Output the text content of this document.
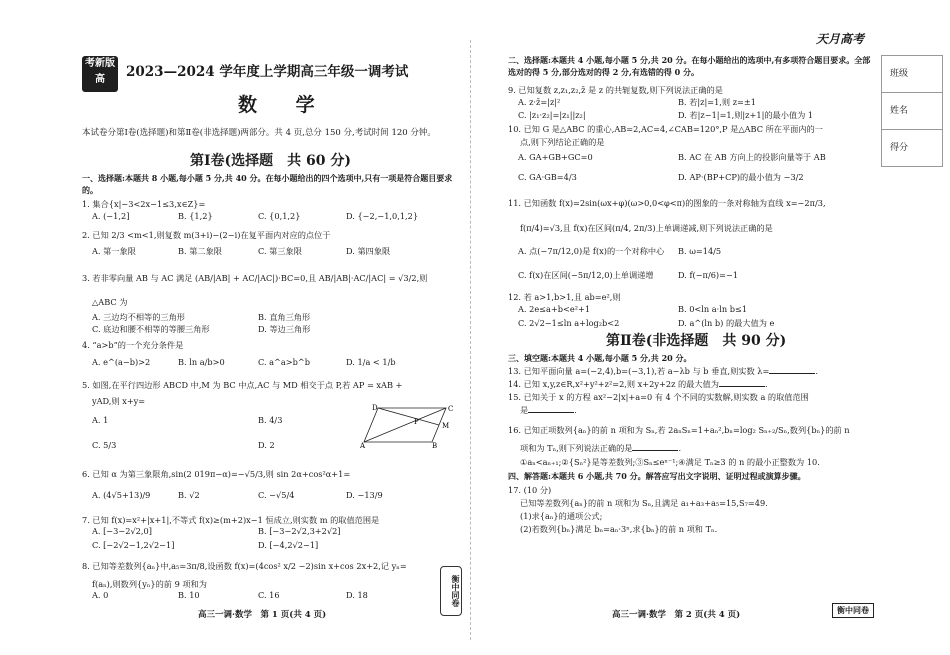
考新版高	2023—2024 学年度上学期高三年级一调考试
数 学
本试卷分第Ⅰ卷(选择题)和第Ⅱ卷(非选择题)两部分。共 4 页,总分 150 分,考试时间 120 分钟。
第Ⅰ卷(选择题　共 60 分)
一、选择题:本题共 8 小题,每小题 5 分,共 40 分。在每小题给出的四个选项中,只有一项是符合题目要求的。
1. 集合{x|−3<2x−1≤3,x∈Z}=
A. (−1,2]	B. {1,2}	C. {0,1,2}	D. {−2,−1,0,1,2}
2. 已知 2/3 <m<1,则复数 m(3+i)−(2−i)在复平面内对应的点位于
A. 第一象限	B. 第二象限	C. 第三象限	D. 第四象限
3. 若非零向量 AB 与 AC 满足 (AB/|AB| + AC/|AC|)·BC=0,且 AB/|AB|·AC/|AC| = √3/2,则
△ABC 为
A. 三边均不相等的三角形	B. 直角三角形
C. 底边和腰不相等的等腰三角形	D. 等边三角形
4. “a>b”的一个充分条件是
A. e^(a−b)>2	B. ln a/b>0	C. a^a>b^b	D. 1/a < 1/b
5. 如图,在平行四边形 ABCD 中,M 为 BC 中点,AC 与 MD 相交于点 P,若 AP = xAB +
yAD,则 x+y=
A. 1	B. 4/3
C. 5/3	D. 2
D	C
P	M
A	B
6. 已知 α 为第三象限角,sin(2 019π−α)=−√5/3,则 sin 2α+cos²α+1=
A. (4√5+13)/9	B. √2	C. −√5/4	D. −13/9
7. 已知 f(x)=x²+|x+1|,不等式 f(x)≥(m+2)x−1 恒成立,则实数 m 的取值范围是
A. [−3−2√2,0]	B. [−3−2√2,3+2√2]
C. [−2√2−1,2√2−1]	D. [−4,2√2−1]
8. 已知等差数列{aₙ}中,a₅=3π/8,设函数 f(x)=(4cos² x/2 −2)sin x+cos 2x+2,记 yₙ=
f(aₙ),则数列{yₙ}的前 9 项和为
A. 0	B. 10	C. 16	D. 18
高三一调·数学　第 1 页(共 4 页)
衡中同卷
天月高考
二、选择题:本题共 4 小题,每小题 5 分,共 20 分。在每小题给出的选项中,有多项符合题目要求。全部选对的得 5 分,部分选对的得 2 分,有选错的得 0 分。
9. 已知复数 z,z₁,z₂,z̄ 是 z 的共轭复数,则下列说法正确的是
A. z·z̄=|z|²	B. 若|z|=1,则 z=±1
C. |z₁·z₂|=|z₁||z₂|	D. 若|z−1|=1,则|z+1|的最小值为 1
10. 已知 G 是△ABC 的重心,AB=2,AC=4,∠CAB=120°,P 是△ABC 所在平面内的一
点,则下列结论正确的是
A. GA+GB+GC=0	B. AC 在 AB 方向上的投影向量等于 AB
C. GA·GB=4/3	D. AP·(BP+CP)的最小值为 −3/2
11. 已知函数 f(x)=2sin(ωx+φ)(ω>0,0<φ<π)的图象的一条对称轴为直线 x=−2π/3,
f(π/4)=√3,且 f(x)在区间(π/4, 2π/3)上单调递减,则下列说法正确的是
A. 点(−7π/12,0)是 f(x)的一个对称中心 B. ω=14/5
C. f(x)在区间(−5π/12,0)上单调递增	D. f(−π/6)=−1
12. 若 a>1,b>1,且 ab=e²,则
A. 2e≤a+b<e²+1	B. 0<ln a·ln b≤1
C. 2√2−1≤ln a+log₂b<2	D. a^(ln b) 的最大值为 e
第Ⅱ卷(非选择题　共 90 分)
三、填空题:本题共 4 小题,每小题 5 分,共 20 分。
13. 已知平面向量 a=(−2,4),b=(−3,1),若 a−λb 与 b 垂直,则实数 λ=	.
14. 已知 x,y,z∈R,x²+y²+z²=2,则 x+2y+2z 的最大值为	.
15. 已知关于 x 的方程 ax²−2|x|+a=0 有 4 个不同的实数解,则实数 a 的取值范围
是	.
16. 已知正项数列{aₙ}的前 n 项和为 Sₙ,若 2aₙSₙ=1+aₙ²,bₙ=log₂ Sₙ₊₂/Sₙ,数列{bₙ}的前 n
项和为 Tₙ,则下列说法正确的是	.
①aₙ<aₙ₊₁;②{Sₙ²}是等差数列;③Sₙ≤eⁿ⁻¹;④满足 Tₙ≥3 的 n 的最小正整数为 10.
四、解答题:本题共 6 小题,共 70 分。解答应写出文字说明、证明过程或演算步骤。
17. (10 分)
已知等差数列{aₙ}的前 n 项和为 Sₙ,且满足 a₁+a₃+a₅=15,S₇=49.
(1)求{aₙ}的通项公式;
(2)若数列{bₙ}满足 bₙ=aₙ·3ⁿ,求{bₙ}的前 n 项和 Tₙ.
高三一调·数学　第 2 页(共 4 页)	衡中同卷
班级
姓名
得分
